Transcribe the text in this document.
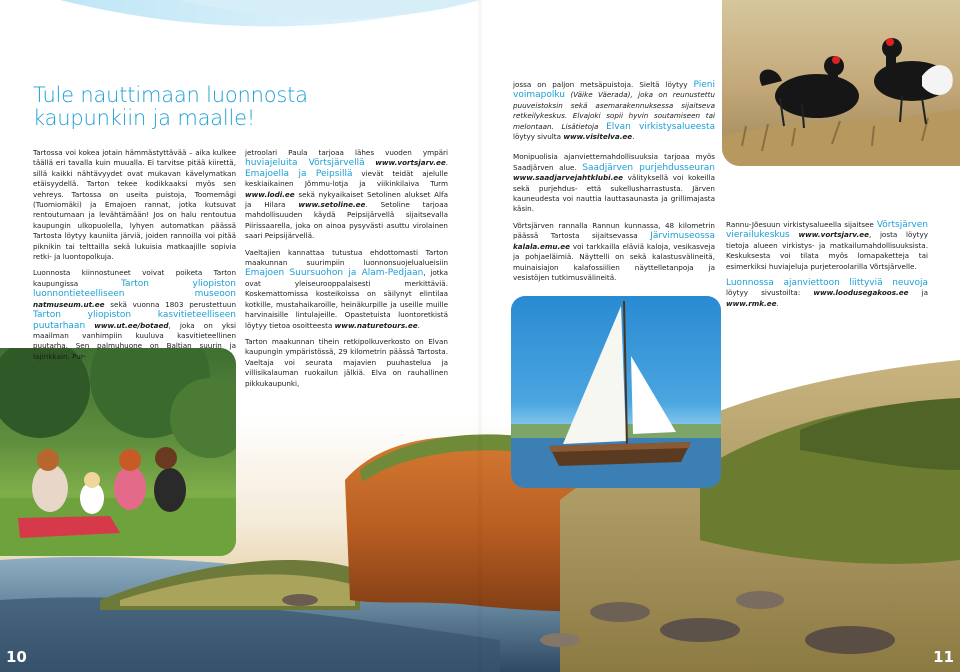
Tule nauttimaan luonnosta
kaupunkiin ja maalle!

Tartossa voi kokea jotain hämmästyttävää – aika kulkee täällä eri tavalla kuin muualla. Ei tarvitse pitää kiirettä, sillä kaikki nähtävyydet ovat mukavan kävelymatkan etäisyydellä. Tarton tekee kodikkaaksi myös sen vehreys. Tartossa on useita puistoja, Toomemägi (Tuomiomäki) ja Emajoen rannat, jotka kutsuvat rentoutumaan ja levähtämään! Jos on halu rentoutua kaupungin ulkopuolella, lyhyen automatkan päässä Tartosta löytyy kauniita järviä, joiden rannoilla voi pitää piknikin tai telttailla sekä lukuisia matkaajille sopivia retki- ja luontopolkuja.

Luonnosta kiinnostuneet voivat poiketa Tarton kaupungissa Tarton yliopiston luonnontieteelliseen museoon natmuseum.ut.ee sekä vuonna 1803 perustettuun Tarton yliopiston kasvitieteelliseen puutarhaan www.ut.ee/botaed, joka on yksi maailman vanhimpiin kuuluva kasvitieteellinen puutarha. Sen palmuhuone on Baltian suurin ja lajirikkain. Pur-

jetroolari Paula tarjoaa lähes vuoden ympäri huviajeluita Võrtsjärvellä www.vortsjarv.ee. Emajoella ja Peipsillä vievät teidät ajelulle keskiaikainen Jõmmu-lotja ja viikinkilaiva Turm www.lodi.ee sekä nykyaikaiset Setolinen alukset Alfa ja Hilara www.setoline.ee. Setoline tarjoaa mahdollisuuden käydä Peipsijärvellä sijaitsevalla Piirissaarella, joka on ainoa pysyvästi asuttu virolainen saari Peipsijärvellä.

Vaeltajien kannattaa tutustua ehdottomasti Tarton maakunnan suurimpiin luonnonsuojelualueisiin Emajoen Suursuohon ja Alam-Pedjaan, jotka ovat yleiseurooppalaisesti merkittäviä. Koskemattomissa kosteikoissa on säilynyt elintilaa kotkille, mustahaikaroille, heinäkurpille ja useille muille harvinaisille lintulajeille. Opastetuista luontoretkistä löytyy tietoa osoitteesta www.naturetours.ee.

Tarton maakunnan tihein retkipolkuverkosto on Elvan kaupungin ympäristössä, 29 kilometrin päässä Tartosta. Vaeltaja voi seurata majavien puuhastelua ja villisikalauman ruokailun jälkiä. Elva on rauhallinen pikkukaupunki,

jossa on paljon metsäpuistoja. Sieltä löytyy Pieni voimapolku (Väike Väerada), joka on reunustettu puuveistoksin sekä asemarakennuksessa sijaitseva retkeilykeskus. Elvajoki sopii hyvin soutamiseen tai melontaan. Lisätietoja Elvan virkistysalueesta löytyy sivulta www.visitelva.ee.

Monipuolisia ajanviettemahdollisuuksia tarjoaa myös Saadjärven alue. Saadjärven purjehdusseuran www.saadjarvejahtklubi.ee välityksellä voi kokeilla sekä purjehdus- että sukellusharrastusta. Järven kauneudesta voi nauttia lauttasaunasta ja grillimajasta käsin.

Võrtsjärven rannalla Rannun kunnassa, 48 kilometrin päässä Tartosta sijaitsevassa Järvimuseossa kalala.emu.ee voi tarkkailla eläviä kaloja, vesikasveja ja pohjaeläimiä. Näyttelli on sekä kalastusvälineitä, muinaisiajon kalafossiilien näyttelletanpoja ja vesistöjen tutkimusvälineitä.

Rannu-Jõesuun virkistysalueella sijaitsee Võrtsjärven vierailukeskus www.vortsjarv.ee, josta löytyy tietoja alueen virkistys- ja matkailumahdollisuuksista. Keskuksesta voi tilata myös lomapaketteja tai esimerkiksi huviajeluja purjeteroolarilla Võrtsjärvelle.

Luonnossa ajanviettoon liittyviä neuvoja löytyy sivustoilta: www.loodusegakoos.ee ja www.rmk.ee.

10	11
